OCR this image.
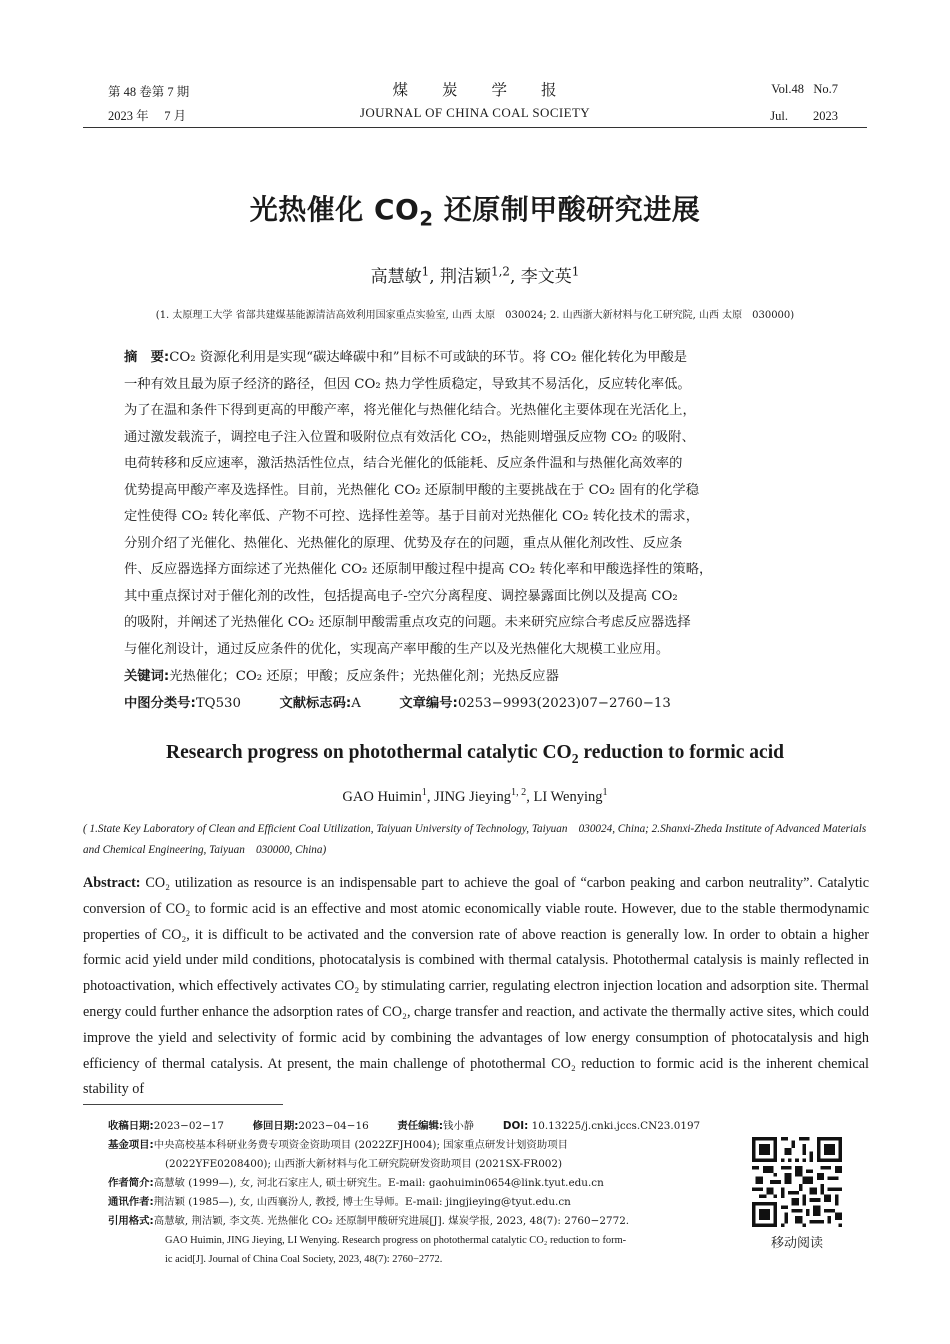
第 48 卷第 7 期
2023 年　 7 月
煤　　炭　　学　　报
JOURNAL OF CHINA COAL SOCIETY
Vol.48   No.7
Jul.　　2023
光热催化 $CO_2$ 还原制甲酸研究进展
高慧敏$^1$, 荆洁颖$^{1,2}$, 李文英$^1$
(1. 太原理工大学 省部共建煤基能源清洁高效利用国家重点实验室, 山西 太原　030024; 2. 山西浙大新材料与化工研究院, 山西 太原　030000)
摘　要:CO₂ 资源化利用是实现“碳达峰碳中和”目标不可或缺的环节。将 CO₂ 催化转化为甲酸是
一种有效且最为原子经济的路径，但因 CO₂ 热力学性质稳定，导致其不易活化，反应转化率低。
为了在温和条件下得到更高的甲酸产率，将光催化与热催化结合。光热催化主要体现在光活化上，
通过激发载流子，调控电子注入位置和吸附位点有效活化 CO₂，热能则增强反应物 CO₂ 的吸附、
电荷转移和反应速率，激活热活性位点，结合光催化的低能耗、反应条件温和与热催化高效率的
优势提高甲酸产率及选择性。目前，光热催化 CO₂ 还原制甲酸的主要挑战在于 CO₂ 固有的化学稳
定性使得 CO₂ 转化率低、产物不可控、选择性差等。基于目前对光热催化 CO₂ 转化技术的需求，
分别介绍了光催化、热催化、光热催化的原理、优势及存在的问题，重点从催化剂改性、反应条
件、反应器选择方面综述了光热催化 CO₂ 还原制甲酸过程中提高 CO₂ 转化率和甲酸选择性的策略，
其中重点探讨对于催化剂的改性，包括提高电子-空穴分离程度、调控暴露面比例以及提高 CO₂
的吸附，并阐述了光热催化 CO₂ 还原制甲酸需重点攻克的问题。未来研究应综合考虑反应器选择
与催化剂设计，通过反应条件的优化，实现高产率甲酸的生产以及光热催化大规模工业应用。
关键词:光热催化；CO₂ 还原；甲酸；反应条件；光热催化剂；光热反应器
中图分类号:TQ530	文献标志码:A	文章编号:0253−9993(2023)07−2760−13
Research progress on photothermal catalytic $CO_2$ reduction to formic acid
GAO Huimin$^1$, JING Jieying$^{1, 2}$, LI Wenying$^1$
( 1.State Key Laboratory of Clean and Efficient Coal Utilization, Taiyuan University of Technology, Taiyuan　030024, China; 2.Shanxi-Zheda Institute of Advanced Materials and Chemical Engineering, Taiyuan　030000, China)
Abstract: CO₂ utilization as resource is an indispensable part to achieve the goal of “carbon peaking and carbon neutrality”. Catalytic conversion of CO₂ to formic acid is an effective and most atomic economically viable route. However, due to the stable thermodynamic properties of CO₂, it is difficult to be activated and the conversion rate of above reaction is generally low. In order to obtain a higher formic acid yield under mild conditions, photocatalysis is combined with thermal catalysis. Photothermal catalysis is mainly reflected in photoactivation, which effectively activates CO₂ by stimulating carrier, regulating electron injection location and adsorption site. Thermal energy could further enhance the adsorption rates of CO₂, charge transfer and reaction, and activate the thermally active sites, which could improve the yield and selectivity of formic acid by combining the advantages of low energy consumption of photocatalysis and high efficiency of thermal catalysis. At present, the main challenge of photothermal CO₂ reduction to formic acid is the inherent chemical stability of
收稿日期:2023−02−17	修回日期:2023−04−16	责任编辑:钱小静	DOI: 10.13225/j.cnki.jccs.CN23.0197
基金项目:中央高校基本科研业务费专项资金资助项目 (2022ZFJH004); 国家重点研发计划资助项目
(2022YFE0208400); 山西浙大新材料与化工研究院研发资助项目 (2021SX-FR002)
作者简介:高慧敏 (1999—), 女, 河北石家庄人, 硕士研究生。E-mail: gaohuimin0654@link.tyut.edu.cn
通讯作者:荆洁颖 (1985—), 女, 山西襄汾人, 教授, 博士生导师。E-mail: jingjieying@tyut.edu.cn
引用格式:高慧敏, 荆洁颖, 李文英. 光热催化 CO₂ 还原制甲酸研究进展[J]. 煤炭学报, 2023, 48(7): 2760−2772.
GAO Huimin, JING Jieying, LI Wenying. Research progress on photothermal catalytic CO₂ reduction to form-
ic acid[J]. Journal of China Coal Society, 2023, 48(7): 2760−2772.
移动阅读
